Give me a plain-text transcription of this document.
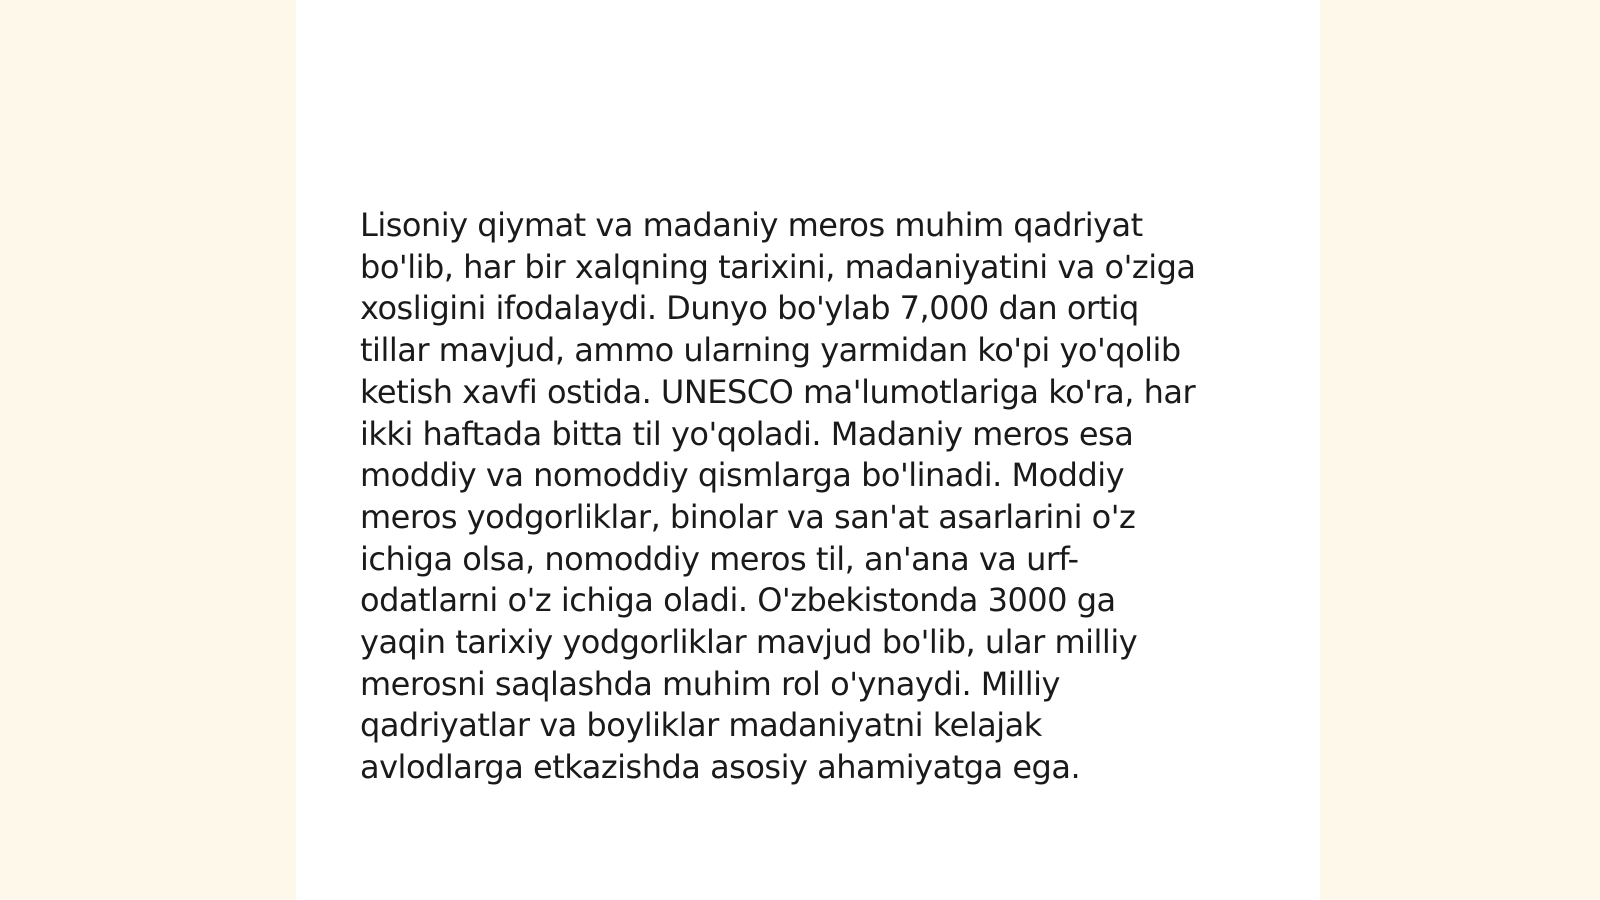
Lisoniy qiymat va madaniy meros muhim qadriyat
bo'lib, har bir xalqning tarixini, madaniyatini va o'ziga
xosligini ifodalaydi. Dunyo bo'ylab 7,000 dan ortiq
tillar mavjud, ammo ularning yarmidan ko'pi yo'qolib
ketish xavfi ostida. UNESCO ma'lumotlariga ko'ra, har
ikki haftada bitta til yo'qoladi. Madaniy meros esa
moddiy va nomoddiy qismlarga bo'linadi. Moddiy
meros yodgorliklar, binolar va san'at asarlarini o'z
ichiga olsa, nomoddiy meros til, an'ana va urf-
odatlarni o'z ichiga oladi. O'zbekistonda 3000 ga
yaqin tarixiy yodgorliklar mavjud bo'lib, ular milliy
merosni saqlashda muhim rol o'ynaydi. Milliy
qadriyatlar va boyliklar madaniyatni kelajak
avlodlarga etkazishda asosiy ahamiyatga ega.
